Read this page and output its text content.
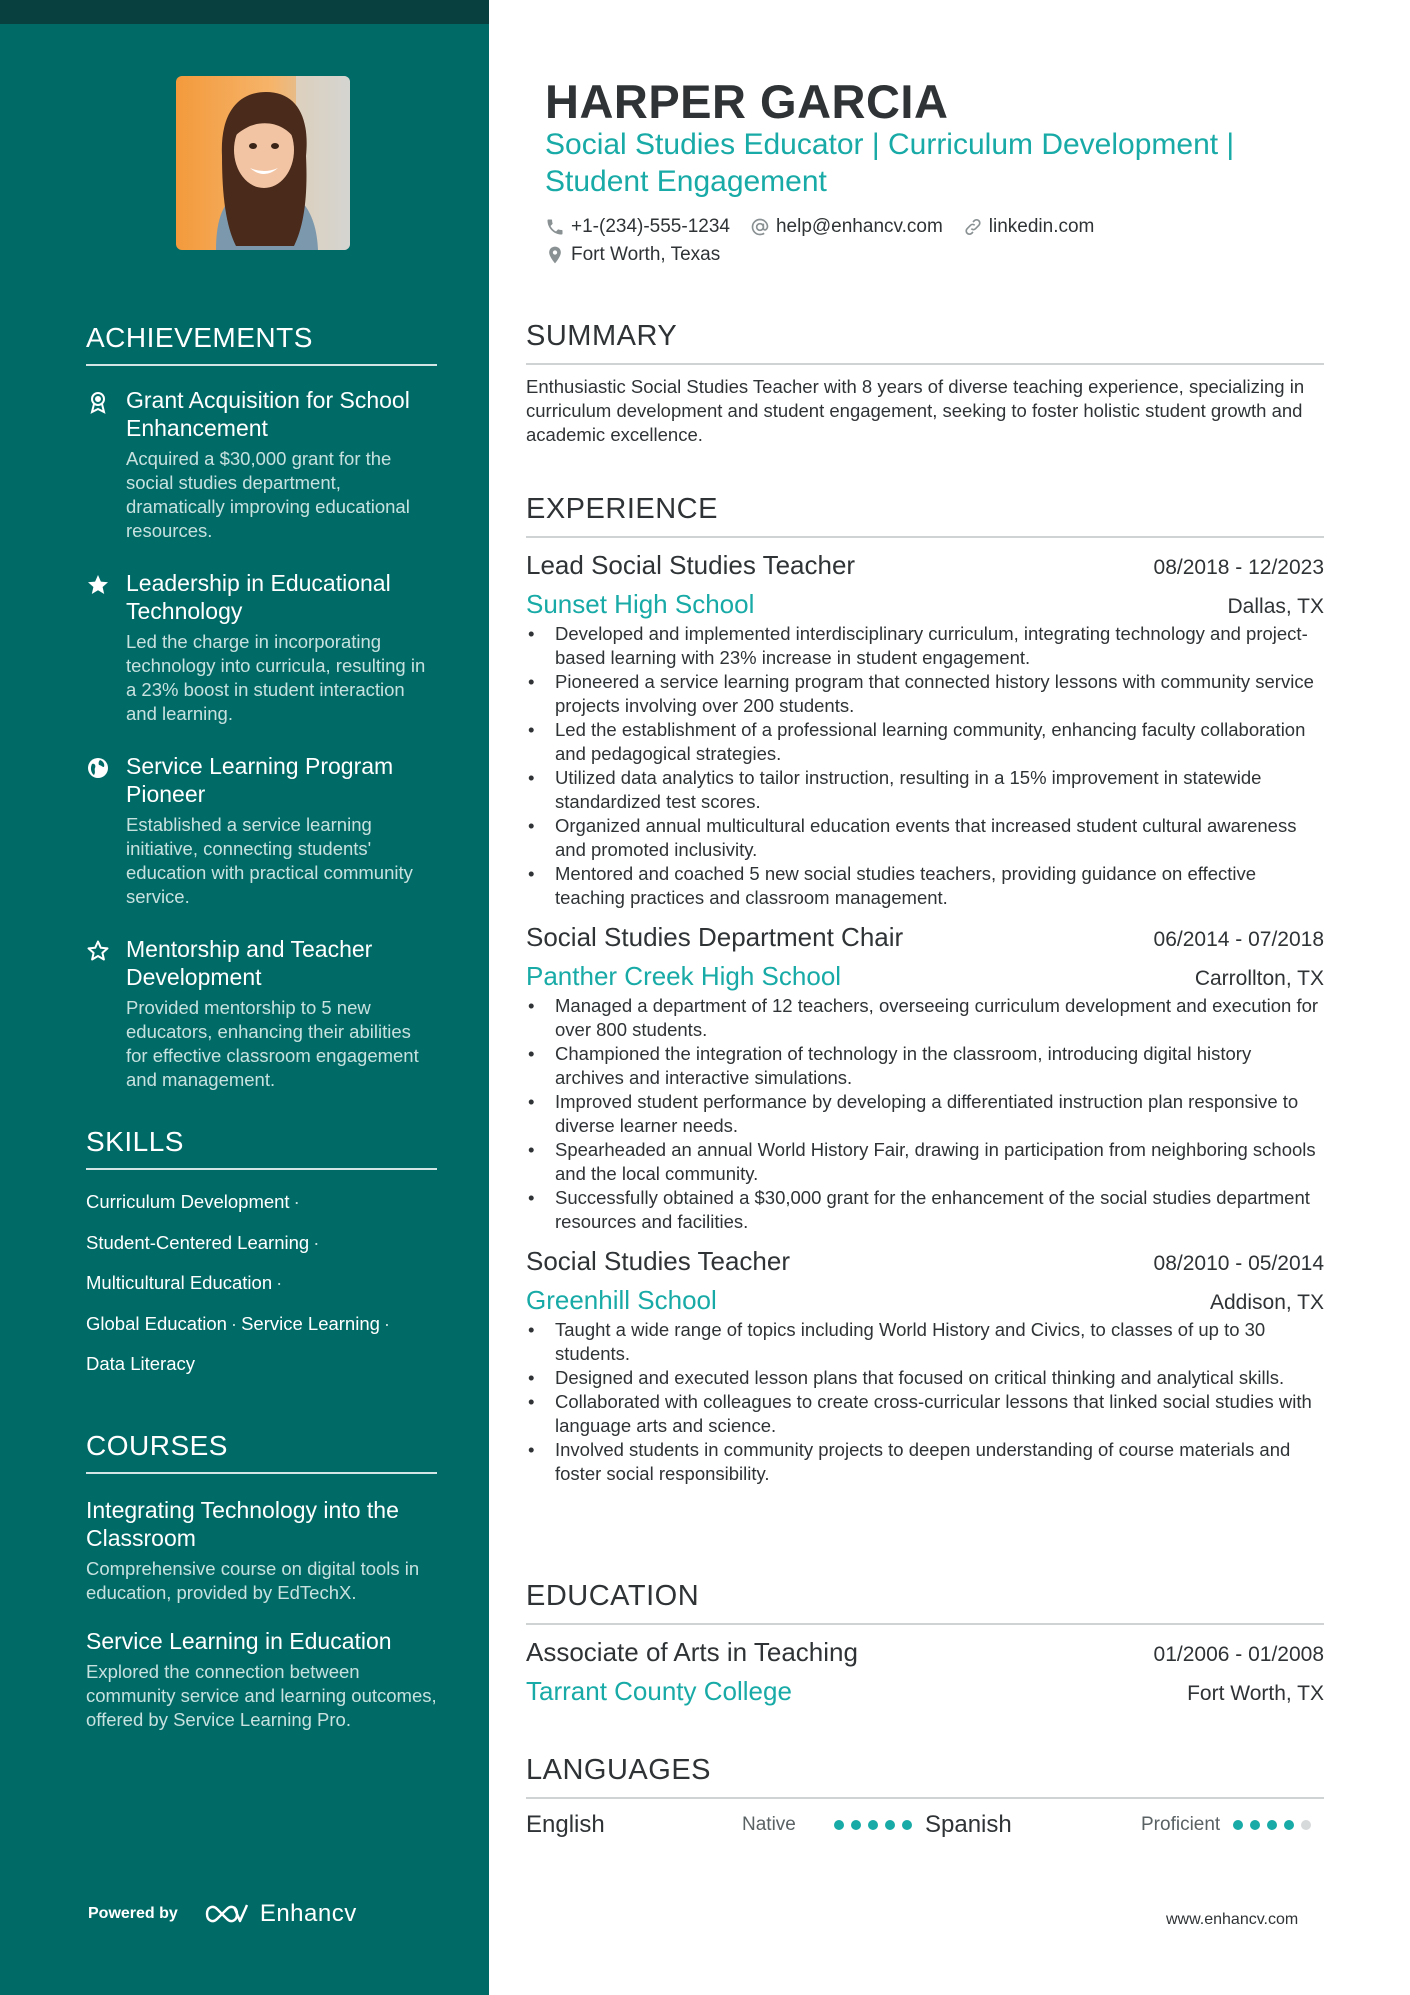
ACHIEVEMENTS
Grant Acquisition for School Enhancement
Acquired a $30,000 grant for the social studies department, dramatically improving educational resources.
Leadership in Educational Technology
Led the charge in incorporating technology into curricula, resulting in a 23% boost in student interaction and learning.
Service Learning Program Pioneer
Established a service learning initiative, connecting students' education with practical community service.
Mentorship and Teacher Development
Provided mentorship to 5 new educators, enhancing their abilities for effective classroom engagement and management.
SKILLS
Curriculum Development ·
Student-Centered Learning ·
Multicultural Education ·
Global Education · Service Learning ·
Data Literacy
COURSES
Integrating Technology into the Classroom
Comprehensive course on digital tools in education, provided by EdTechX.
Service Learning in Education
Explored the connection between community service and learning outcomes, offered by Service Learning Pro.
Powered by	Enhancv
HARPER GARCIA
Social Studies Educator | Curriculum Development | Student Engagement
+1-(234)-555-1234 help@enhancv.com linkedin.com
Fort Worth, Texas
SUMMARY
Enthusiastic Social Studies Teacher with 8 years of diverse teaching experience, specializing in curriculum development and student engagement, seeking to foster holistic student growth and academic excellence.
EXPERIENCE
Lead Social Studies Teacher	08/2018 - 12/2023
Sunset High School	Dallas, TX
• Developed and implemented interdisciplinary curriculum, integrating technology and project-based learning with 23% increase in student engagement.
• Pioneered a service learning program that connected history lessons with community service projects involving over 200 students.
• Led the establishment of a professional learning community, enhancing faculty collaboration and pedagogical strategies.
• Utilized data analytics to tailor instruction, resulting in a 15% improvement in statewide standardized test scores.
• Organized annual multicultural education events that increased student cultural awareness and promoted inclusivity.
• Mentored and coached 5 new social studies teachers, providing guidance on effective teaching practices and classroom management.
Social Studies Department Chair	06/2014 - 07/2018
Panther Creek High School	Carrollton, TX
• Managed a department of 12 teachers, overseeing curriculum development and execution for over 800 students.
• Championed the integration of technology in the classroom, introducing digital history archives and interactive simulations.
• Improved student performance by developing a differentiated instruction plan responsive to diverse learner needs.
• Spearheaded an annual World History Fair, drawing in participation from neighboring schools and the local community.
• Successfully obtained a $30,000 grant for the enhancement of the social studies department resources and facilities.
Social Studies Teacher	08/2010 - 05/2014
Greenhill School	Addison, TX
• Taught a wide range of topics including World History and Civics, to classes of up to 30 students.
• Designed and executed lesson plans that focused on critical thinking and analytical skills.
• Collaborated with colleagues to create cross-curricular lessons that linked social studies with language arts and science.
• Involved students in community projects to deepen understanding of course materials and foster social responsibility.
EDUCATION
Associate of Arts in Teaching	01/2006 - 01/2008
Tarrant County College	Fort Worth, TX
LANGUAGES
English	Native	Spanish	Proficient
www.enhancv.com
